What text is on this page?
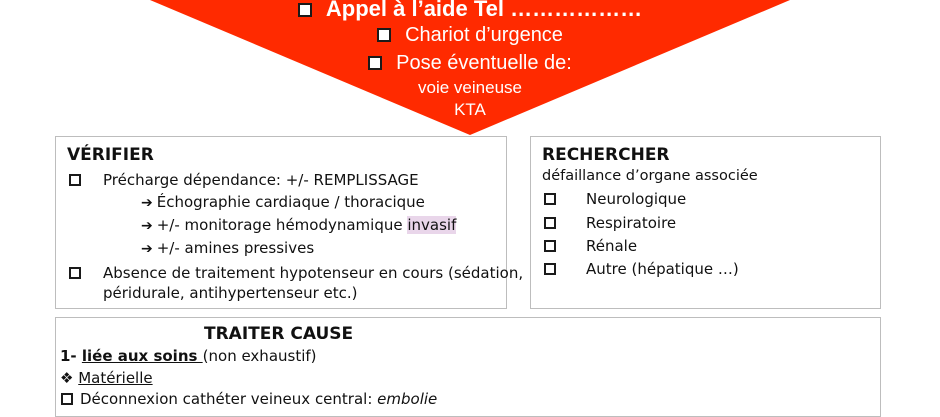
Appel à l’aide Tel ………………
Chariot d’urgence
Pose éventuelle de:
voie veineuse
KTA
VÉRIFIER
Précharge dépendance: +/- REMPLISSAGE
➔ Échographie cardiaque / thoracique
➔ +/- monitorage hémodynamique invasif
➔ +/- amines pressives
Absence de traitement hypotenseur en cours (sédation,
péridurale, antihypertenseur etc.)
RECHERCHER
défaillance d’organe associée
Neurologique
Respiratoire
Rénale
Autre (hépatique …)
TRAITER CAUSE
1- liée aux soins (non exhaustif)
❖ Matérielle
Déconnexion cathéter veineux central: embolie
